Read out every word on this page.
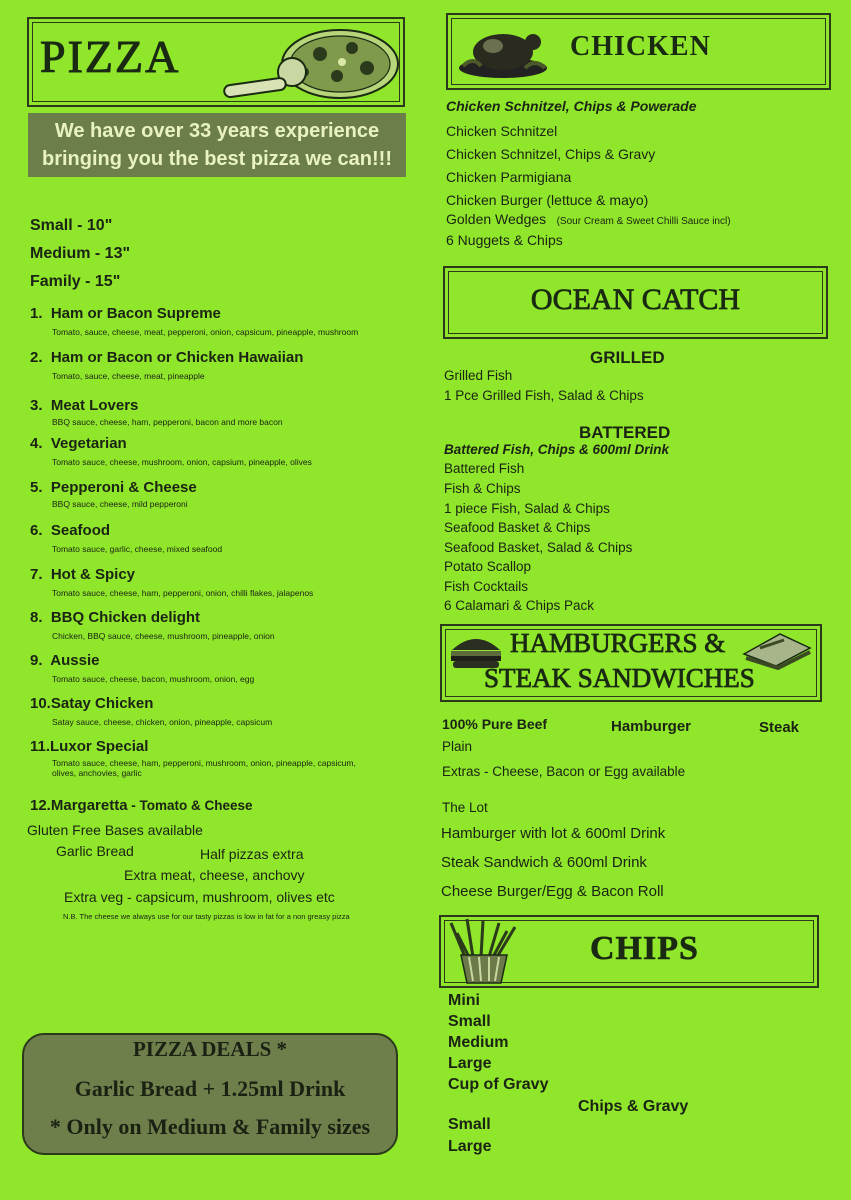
PIZZA
We have over 33 years experience
bringing you the best pizza we can!!!
Small - 10"
Medium - 13"
Family - 15"
1.  Ham or Bacon Supreme
Tomato, sauce, cheese, meat, pepperoni, onion, capsicum, pineapple, mushroom
2.  Ham or Bacon or Chicken Hawaiian
Tomato, sauce, cheese, meat, pineapple
3.  Meat Lovers
BBQ sauce, cheese, ham, pepperoni, bacon and more bacon
4.  Vegetarian
Tomato sauce, cheese, mushroom, onion, capsium, pineapple, olives
5.  Pepperoni & Cheese
BBQ sauce, cheese, mild pepperoni
6.  Seafood
Tomato sauce, garlic, cheese, mixed seafood
7.  Hot & Spicy
Tomato sauce, cheese, ham, pepperoni, onion, chilli flakes, jalapenos
8.  BBQ Chicken delight
Chicken, BBQ sauce, cheese, mushroom, pineapple, onion
9.  Aussie
Tomato sauce, cheese, bacon, mushroom, onion, egg
10.Satay Chicken
Satay sauce, cheese, chicken, onion, pineapple, capsicum
11.Luxor Special
Tomato sauce, cheese, ham, pepperoni, mushroom, onion, pineapple, capsicum, olives, anchovies, garlic
12.Margaretta - Tomato & Cheese
Gluten Free Bases available
Garlic Bread	Half pizzas extra
Extra meat, cheese, anchovy
Extra veg - capsicum, mushroom, olives etc
N.B. The cheese we always use for our tasty pizzas is low in fat for a non greasy pizza
PIZZA DEALS *
Garlic Bread + 1.25ml Drink
* Only on Medium & Family sizes
CHICKEN
Chicken Schnitzel, Chips & Powerade
Chicken Schnitzel
Chicken Schnitzel, Chips & Gravy
Chicken Parmigiana
Chicken Burger (lettuce & mayo)
Golden Wedges (Sour Cream & Sweet Chilli Sauce incl)
6 Nuggets & Chips
OCEAN CATCH
GRILLED
Grilled Fish
1 Pce Grilled Fish, Salad & Chips
BATTERED
Battered Fish, Chips & 600ml Drink
Battered Fish
Fish & Chips
1 piece Fish, Salad & Chips
Seafood Basket & Chips
Seafood Basket, Salad & Chips
Potato Scallop
Fish Cocktails
6 Calamari & Chips Pack
HAMBURGERS &
STEAK SANDWICHES
100% Pure Beef	Hamburger	Steak
Plain
Extras - Cheese, Bacon or Egg available
The Lot
Hamburger with lot & 600ml Drink
Steak Sandwich & 600ml Drink
Cheese Burger/Egg & Bacon Roll
CHIPS
Mini
Small
Medium
Large
Cup of Gravy
Chips & Gravy
Small
Large
